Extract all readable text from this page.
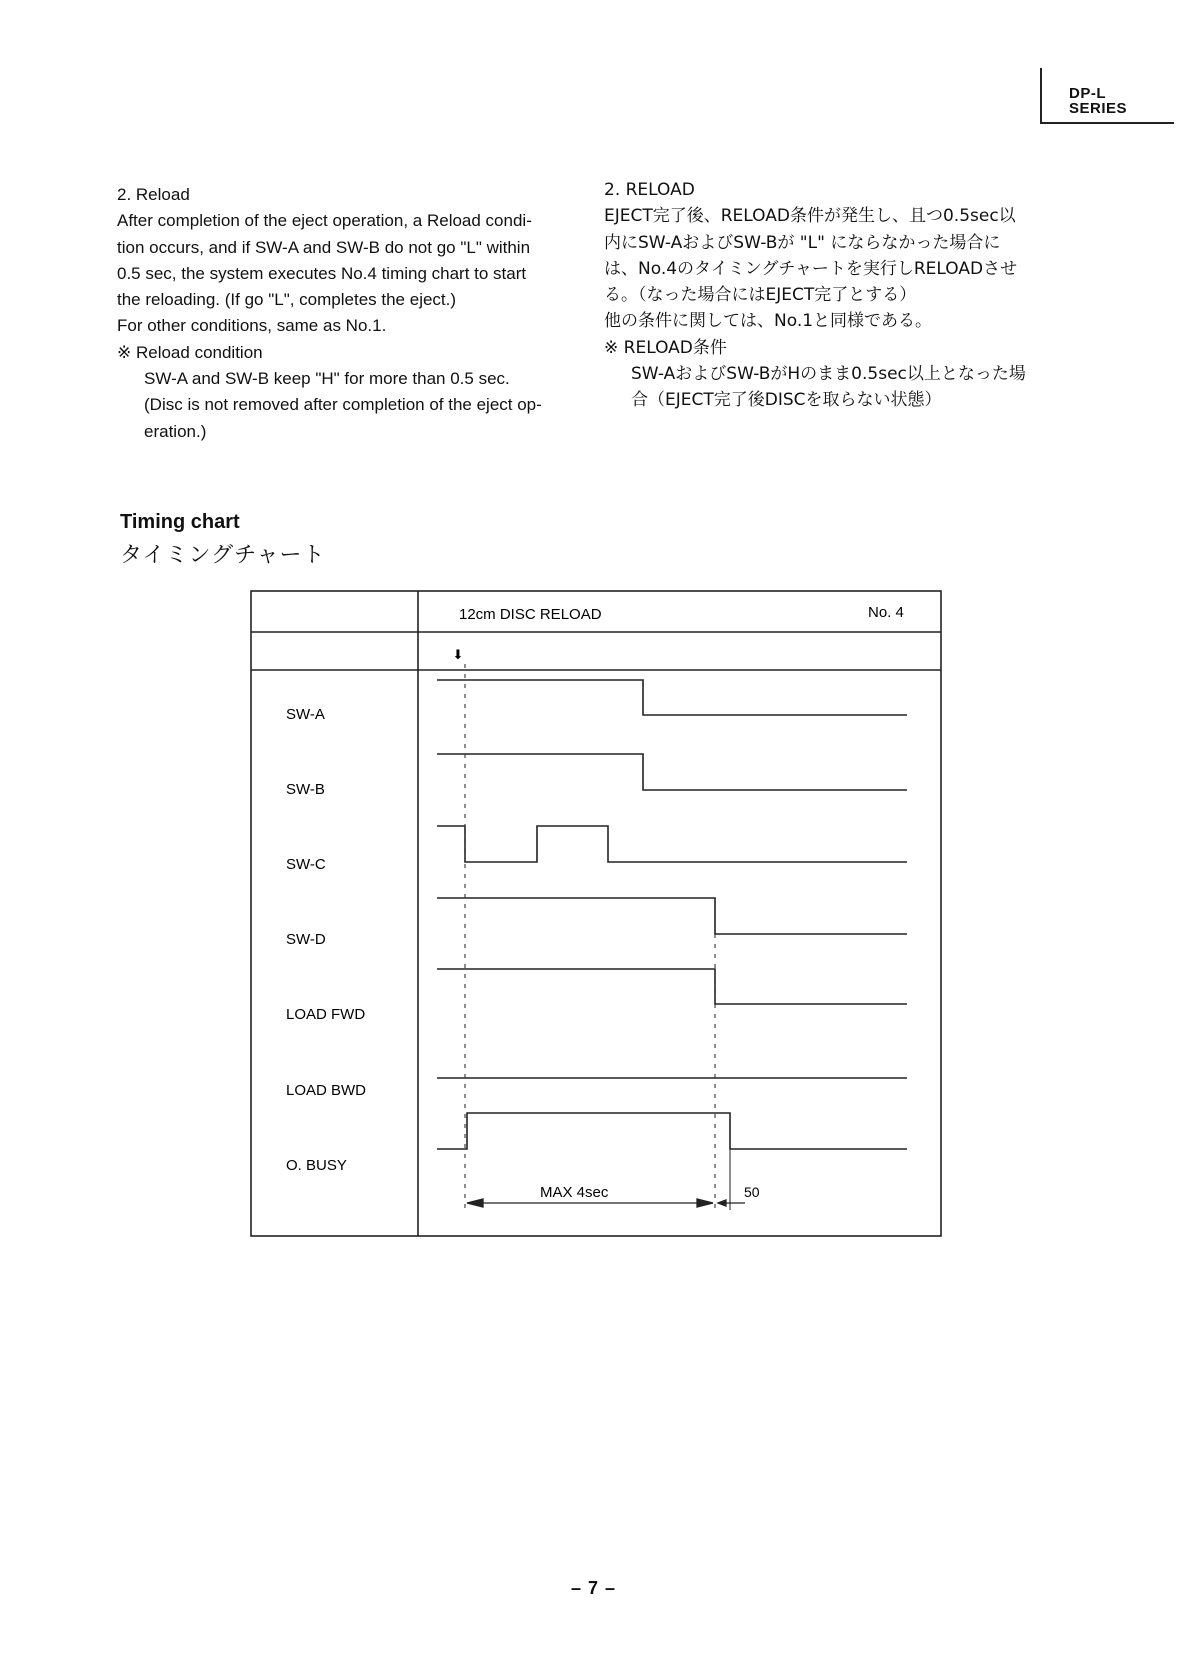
DP-L
SERIES
2. Reload
After completion of the eject operation, a Reload condi-
tion occurs, and if SW-A and SW-B do not go "L" within
0.5 sec, the system executes No.4 timing chart to start
the reloading. (If go "L", completes the eject.)
For other conditions, same as No.1.
※ Reload condition
SW-A and SW-B keep "H" for more than 0.5 sec.
(Disc is not removed after completion of the eject op-
eration.)
2. RELOAD
EJECT完了後、RELOAD条件が発生し、且つ0.5sec以
内にSW-AおよびSW-Bが "L" にならなかった場合に
は、No.4のタイミングチャートを実行しRELOADさせ
る。（なった場合にはEJECT完了とする）
他の条件に関しては、No.1と同様である。
※ RELOAD条件
SW-AおよびSW-BがHのまま0.5sec以上となった場
合（EJECT完了後DISCを取らない状態）
Timing chart
タイミングチャート
12cm DISC RELOAD	No. 4
⬇
SW-A
SW-B
SW-C
SW-D
LOAD FWD
LOAD BWD
O. BUSY
MAX 4sec	50
– 7 –
